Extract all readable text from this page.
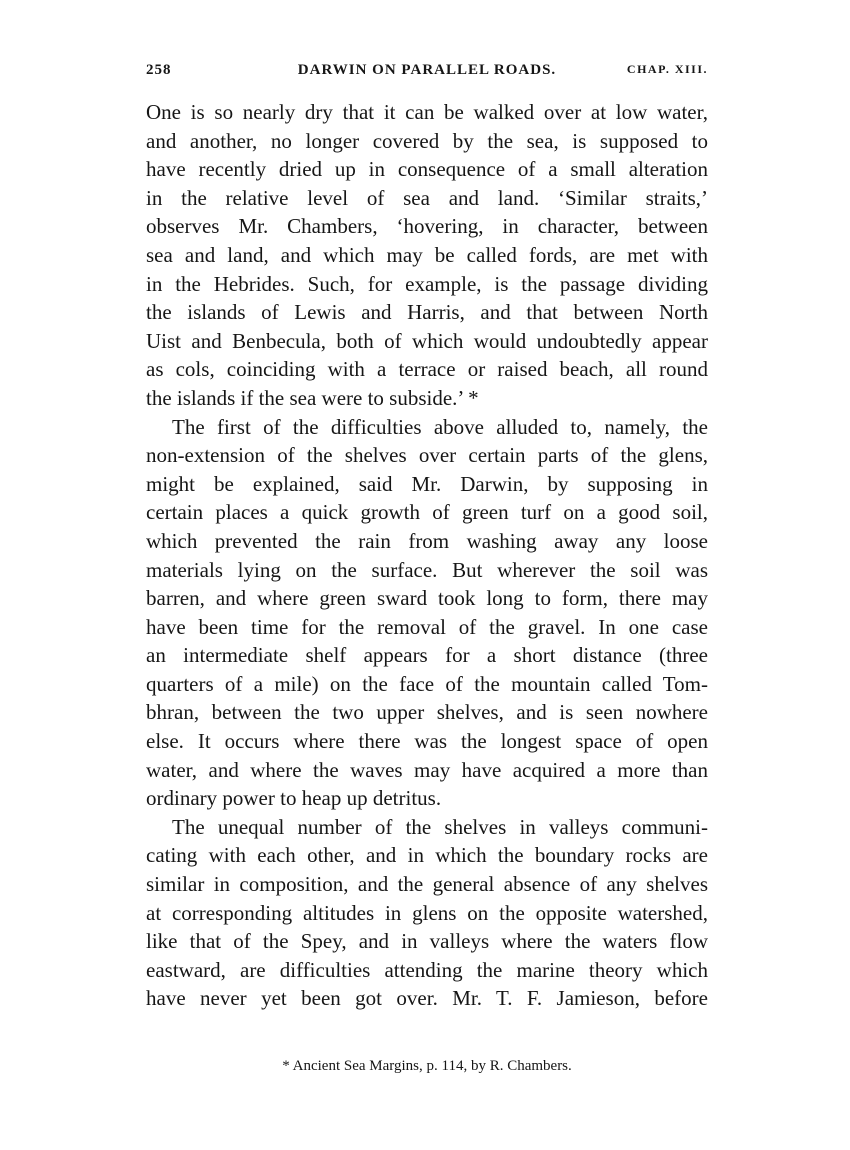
258	DARWIN ON PARALLEL ROADS.	CHAP. XIII.
One is so nearly dry that it can be walked over at low water,
and another, no longer covered by the sea, is supposed to
have recently dried up in consequence of a small alteration
in the relative level of sea and land. ‘Similar straits,’
observes Mr. Chambers, ‘hovering, in character, between
sea and land, and which may be called fords, are met with
in the Hebrides. Such, for example, is the passage dividing
the islands of Lewis and Harris, and that between North
Uist and Benbecula, both of which would undoubtedly appear
as cols, coinciding with a terrace or raised beach, all round
the islands if the sea were to subside.’ *
The first of the difficulties above alluded to, namely, the
non-extension of the shelves over certain parts of the glens,
might be explained, said Mr. Darwin, by supposing in
certain places a quick growth of green turf on a good soil,
which prevented the rain from washing away any loose
materials lying on the surface. But wherever the soil was
barren, and where green sward took long to form, there may
have been time for the removal of the gravel. In one case
an intermediate shelf appears for a short distance (three
quarters of a mile) on the face of the mountain called Tom-
bhran, between the two upper shelves, and is seen nowhere
else. It occurs where there was the longest space of open
water, and where the waves may have acquired a more than
ordinary power to heap up detritus.
The unequal number of the shelves in valleys communi-
cating with each other, and in which the boundary rocks are
similar in composition, and the general absence of any shelves
at corresponding altitudes in glens on the opposite watershed,
like that of the Spey, and in valleys where the waters flow
eastward, are difficulties attending the marine theory which
have never yet been got over. Mr. T. F. Jamieson, before
* Ancient Sea Margins, p. 114, by R. Chambers.
